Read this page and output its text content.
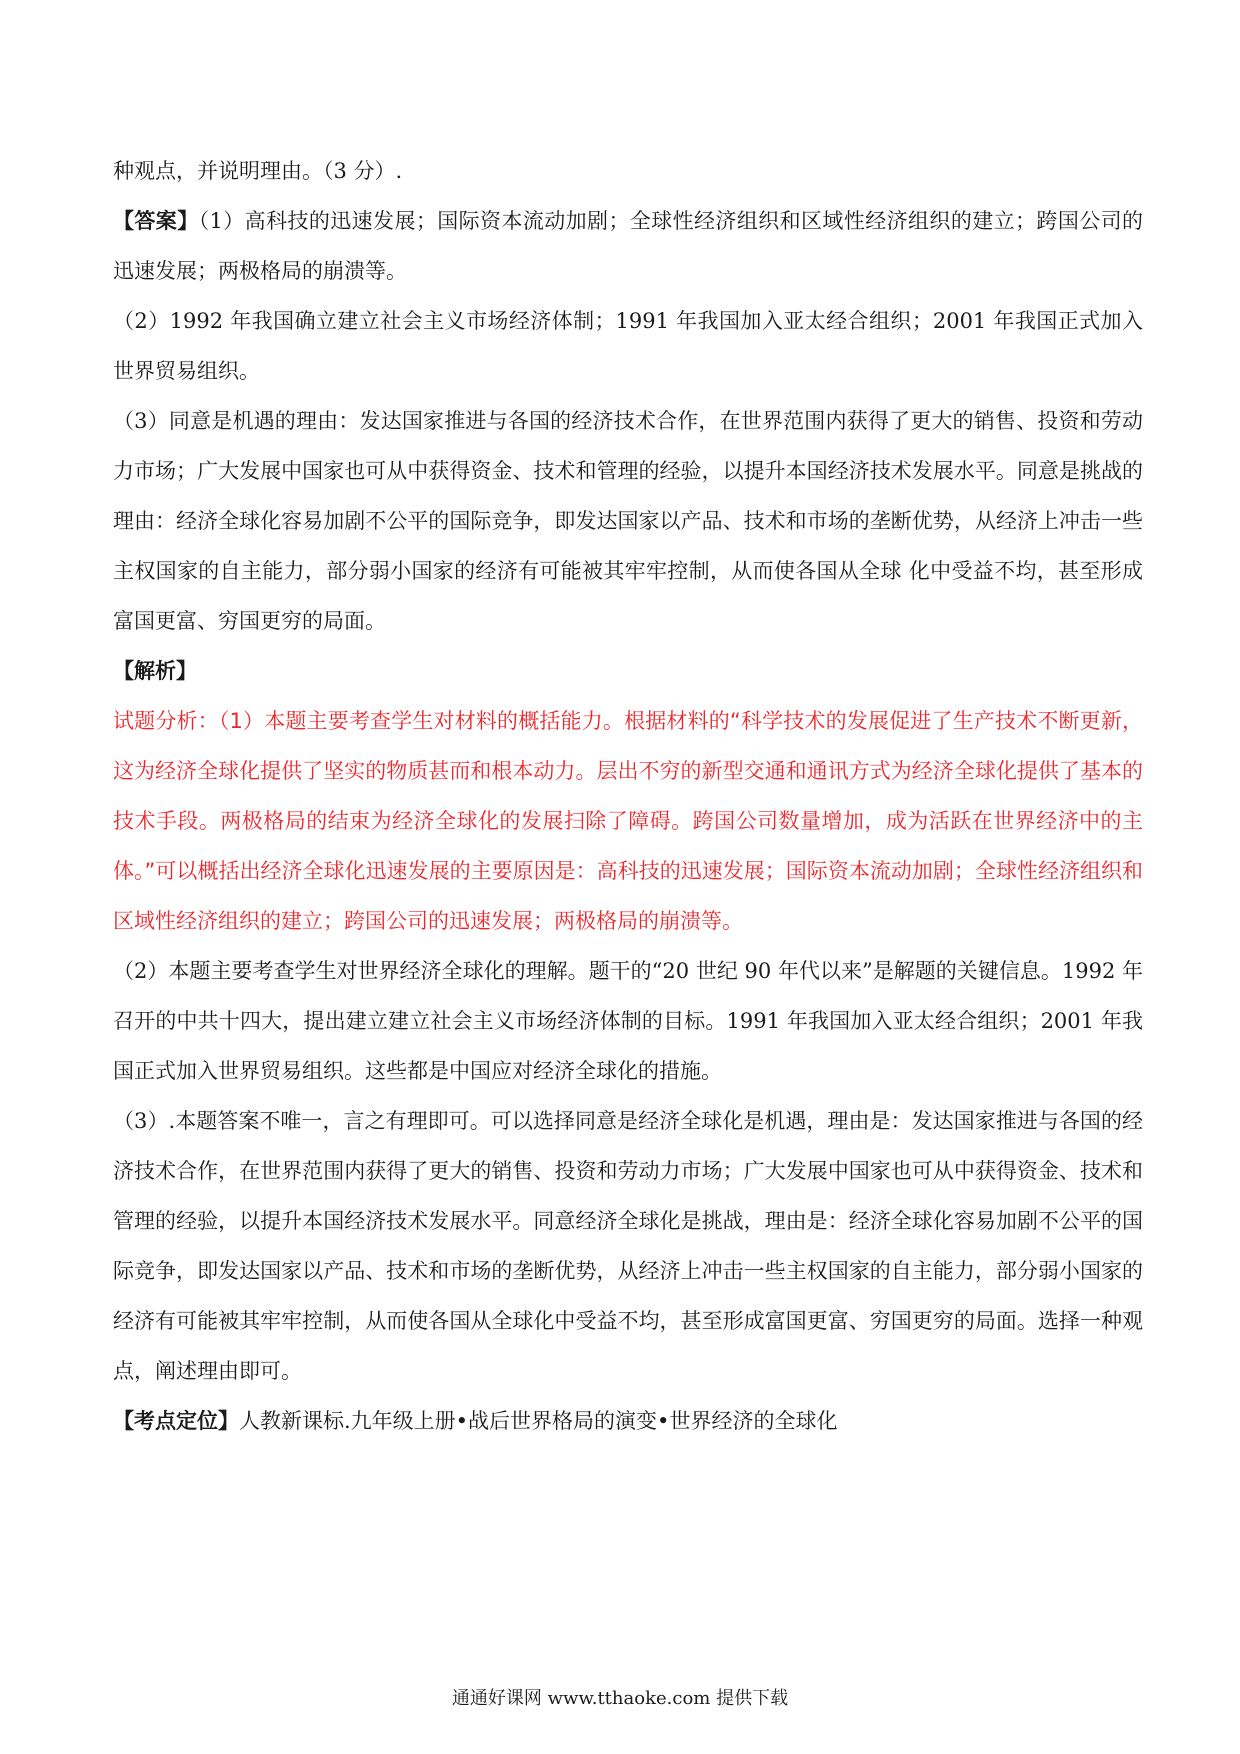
种观点，并说明理由。（3 分）.

【答案】（1）高科技的迅速发展；国际资本流动加剧；全球性经济组织和区域性经济组织的建立；跨国公司的迅速发展；两极格局的崩溃等。

（2）1992 年我国确立建立社会主义市场经济体制；1991 年我国加入亚太经合组织；2001 年我国正式加入世界贸易组织。

（3）同意是机遇的理由：发达国家推进与各国的经济技术合作，在世界范围内获得了更大的销售、投资和劳动力市场；广大发展中国家也可从中获得资金、技术和管理的经验，以提升本国经济技术发展水平。同意是挑战的理由：经济全球化容易加剧不公平的国际竞争，即发达国家以产品、技术和市场的垄断优势，从经济上冲击一些主权国家的自主能力，部分弱小国家的经济有可能被其牢牢控制，从而使各国从全球 化中受益不均，甚至形成富国更富、穷国更穷的局面。

【解析】

试题分析：（1）本题主要考查学生对材料的概括能力。根据材料的“科学技术的发展促进了生产技术不断更新，这为经济全球化提供了坚实的物质甚而和根本动力。层出不穷的新型交通和通讯方式为经济全球化提供了基本的技术手段。两极格局的结束为经济全球化的发展扫除了障碍。跨国公司数量增加，成为活跃在世界经济中的主体。”可以概括出经济全球化迅速发展的主要原因是：高科技的迅速发展；国际资本流动加剧；全球性经济组织和区域性经济组织的建立；跨国公司的迅速发展；两极格局的崩溃等。

（2）本题主要考查学生对世界经济全球化的理解。题干的“20 世纪 90 年代以来”是解题的关键信息。1992 年召开的中共十四大，提出建立建立社会主义市场经济体制的目标。1991 年我国加入亚太经合组织；2001 年我国正式加入世界贸易组织。这些都是中国应对经济全球化的措施。

（3）.本题答案不唯一，言之有理即可。可以选择同意是经济全球化是机遇，理由是：发达国家推进与各国的经济技术合作，在世界范围内获得了更大的销售、投资和劳动力市场；广大发展中国家也可从中获得资金、技术和管理的经验，以提升本国经济技术发展水平。同意经济全球化是挑战，理由是：经济全球化容易加剧不公平的国际竞争，即发达国家以产品、技术和市场的垄断优势，从经济上冲击一些主权国家的自主能力，部分弱小国家的经济有可能被其牢牢控制，从而使各国从全球化中受益不均，甚至形成富国更富、穷国更穷的局面。选择一种观点，阐述理由即可。

【考点定位】人教新课标.九年级上册•战后世界格局的演变•世界经济的全球化

通通好课网 www.tthaoke.com 提供下载
